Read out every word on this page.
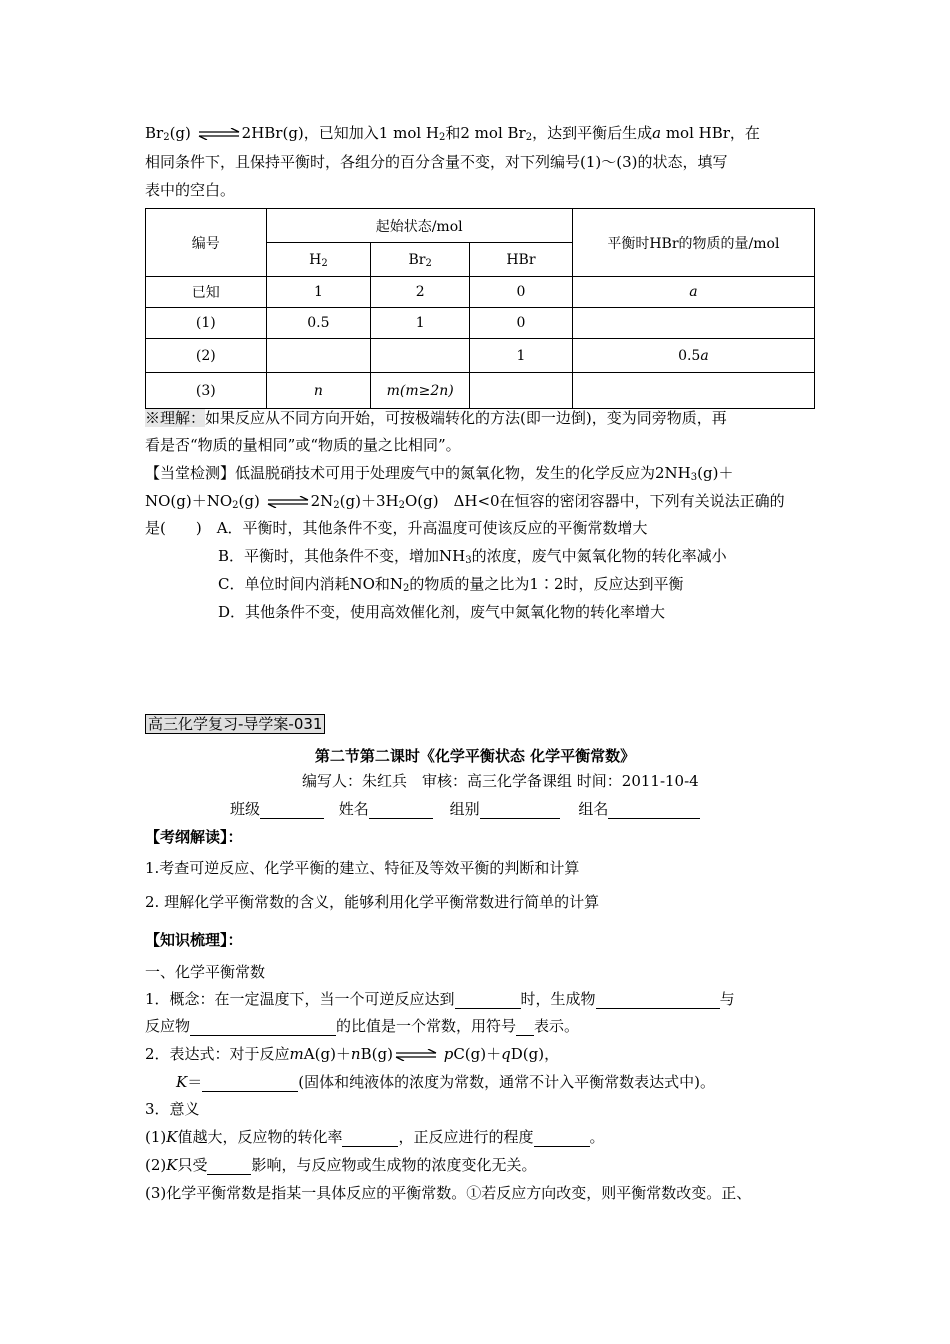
$Br_2(g)$	2HBr(g)，已知加入1 mol $H_2$和2 mol $Br_2$，达到平衡后生成a mol HBr，在
相同条件下，且保持平衡时，各组分的百分含量不变，对下列编号(1)～(3)的状态，填写
表中的空白。
编号	起始状态/mol			平衡时HBr的物质的量/mol
	$H_2$	$Br_2$	HBr	
已知	1	2	0	a
(1)	0.5	1	0	
(2)			1	0.5a
(3)	n	m(m≥2n)		
※理解：如果反应从不同方向开始，可按极端转化的方法(即一边倒)，变为同旁物质，再
看是否“物质的量相同”或“物质的量之比相同”。
【当堂检测】低温脱硝技术可用于处理废气中的氮氧化物，发生的化学反应为$2NH_3(g)+$
$NO(g)+NO_2(g)$	$2N_2(g)+3H_2O(g)$　ΔH<0在恒容的密闭容器中，下列有关说法正确的
是(　　)　A．平衡时，其他条件不变，升高温度可使该反应的平衡常数增大
B．平衡时，其他条件不变，增加$NH_3$的浓度，废气中氮氧化物的转化率减小
C．单位时间内消耗NO和$N_2$的物质的量之比为1∶2时，反应达到平衡
D．其他条件不变，使用高效催化剂，废气中氮氧化物的转化率增大
高三化学复习-导学案-031
第二节第二课时《化学平衡状态 化学平衡常数》
编写人：朱红兵　审核：高三化学备课组 时间：2011-10-4
班级	姓名	组别	组名
【考纲解读】：
1.考查可逆反应、化学平衡的建立、特征及等效平衡的判断和计算
2. 理解化学平衡常数的含义，能够利用化学平衡常数进行简单的计算
【知识梳理】：
一、化学平衡常数
1．概念：在一定温度下，当一个可逆反应达到	时，生成物	与
反应物	的比值是一个常数，用符号 表示。
2．表达式：对于反应mA(g)＋nB(g)	pC(g)＋qD(g)，
K＝	(固体和纯液体的浓度为常数，通常不计入平衡常数表达式中)。
3．意义
(1)K值越大，反应物的转化率	，正反应进行的程度	。
(2)K只受	影响，与反应物或生成物的浓度变化无关。
(3)化学平衡常数是指某一具体反应的平衡常数。①若反应方向改变，则平衡常数改变。正、
